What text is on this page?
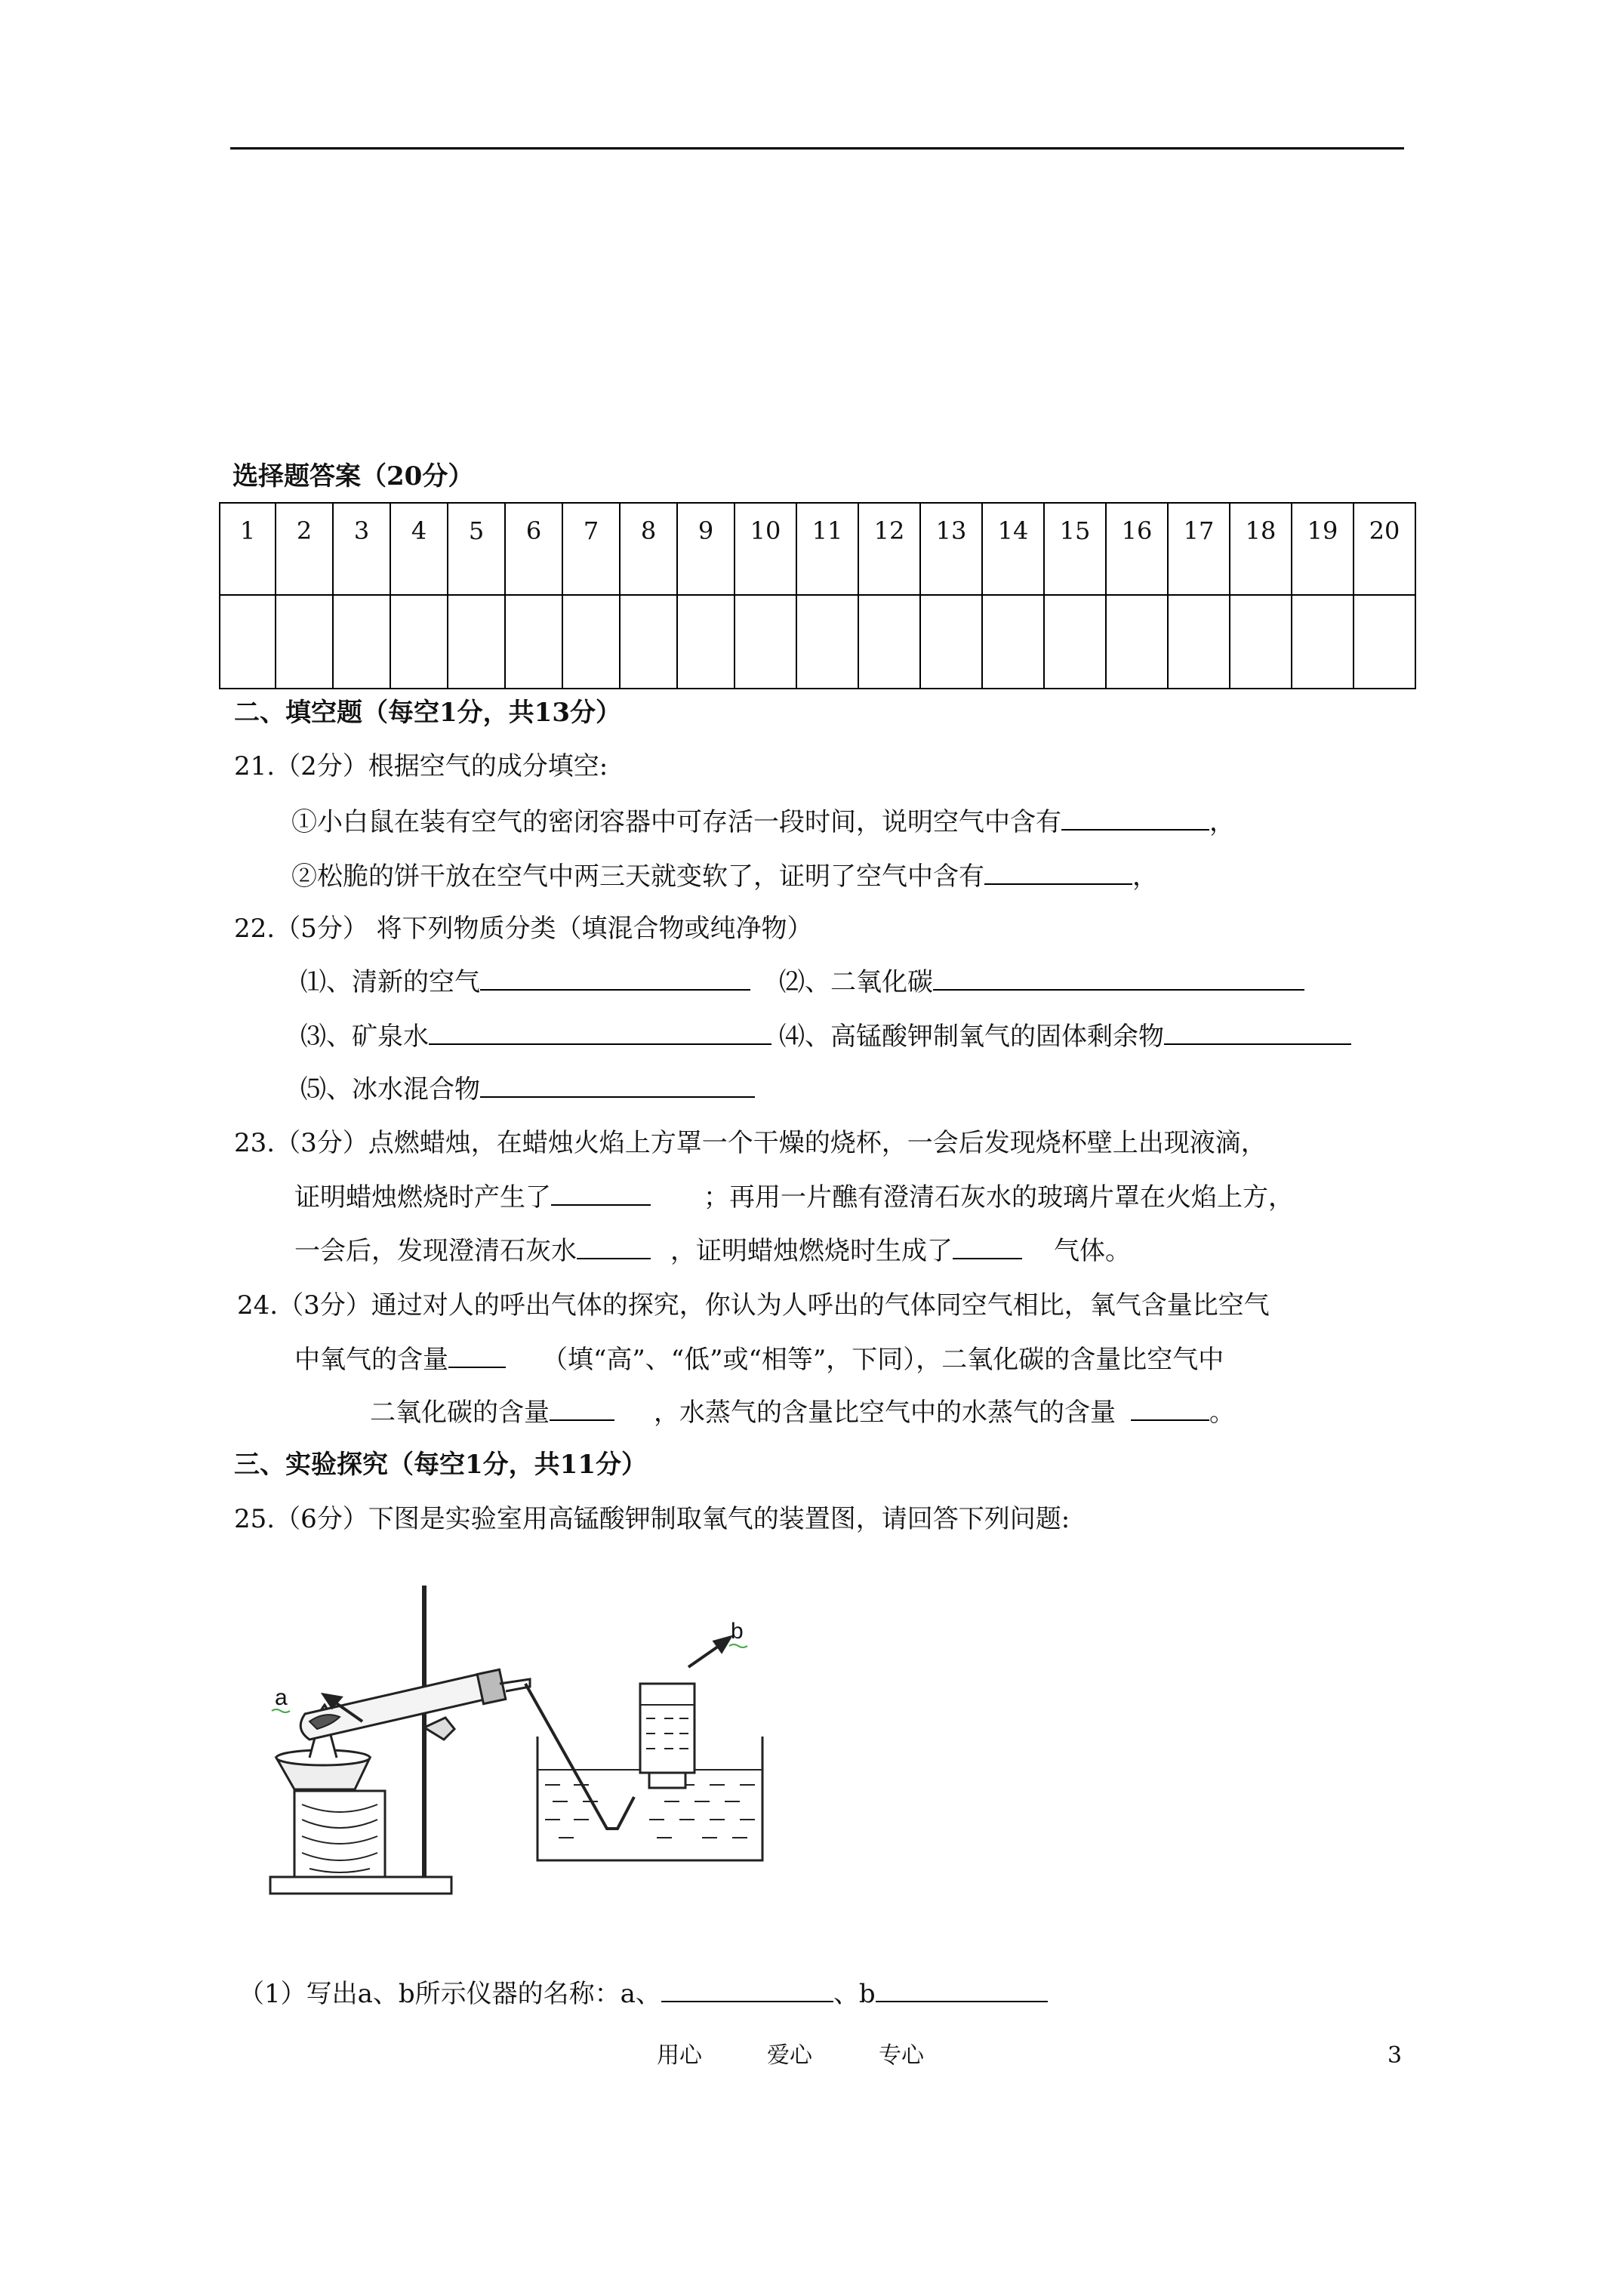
选择题答案（20分）
1	2	3	4	5	6	7	8	9	10	11	12	13	14	15	16	17	18	19	20

二、填空题（每空1分，共13分）
21.（2分）根据空气的成分填空:
①小白鼠在装有空气的密闭容器中可存活一段时间，说明空气中含有	，
②松脆的饼干放在空气中两三天就变软了，证明了空气中含有	，
22.（5分） 将下列物质分类（填混合物或纯净物）
⑴、清新的空气	⑵、二氧化碳
⑶、矿泉水	⑷、高锰酸钾制氧气的固体剩余物
⑸、冰水混合物
23.（3分）点燃蜡烛，在蜡烛火焰上方罩一个干燥的烧杯，一会后发现烧杯壁上出现液滴，
证明蜡烛燃烧时产生了	；再用一片醮有澄清石灰水的玻璃片罩在火焰上方，
一会后，发现澄清石灰水	，证明蜡烛燃烧时生成了	气体。
24.（3分）通过对人的呼出气体的探究，你认为人呼出的气体同空气相比，氧气含量比空气
中氧气的含量	（填“高”、“低”或“相等”，下同），二氧化碳的含量比空气中
二氧化碳的含量	，水蒸气的含量比空气中的水蒸气的含量	。
三、实验探究（每空1分，共11分）
25.（6分）下图是实验室用高锰酸钾制取氧气的装置图，请回答下列问题:
a
b
（1）写出a、b所示仪器的名称：a、	、b
用心	爱心	专心	3
